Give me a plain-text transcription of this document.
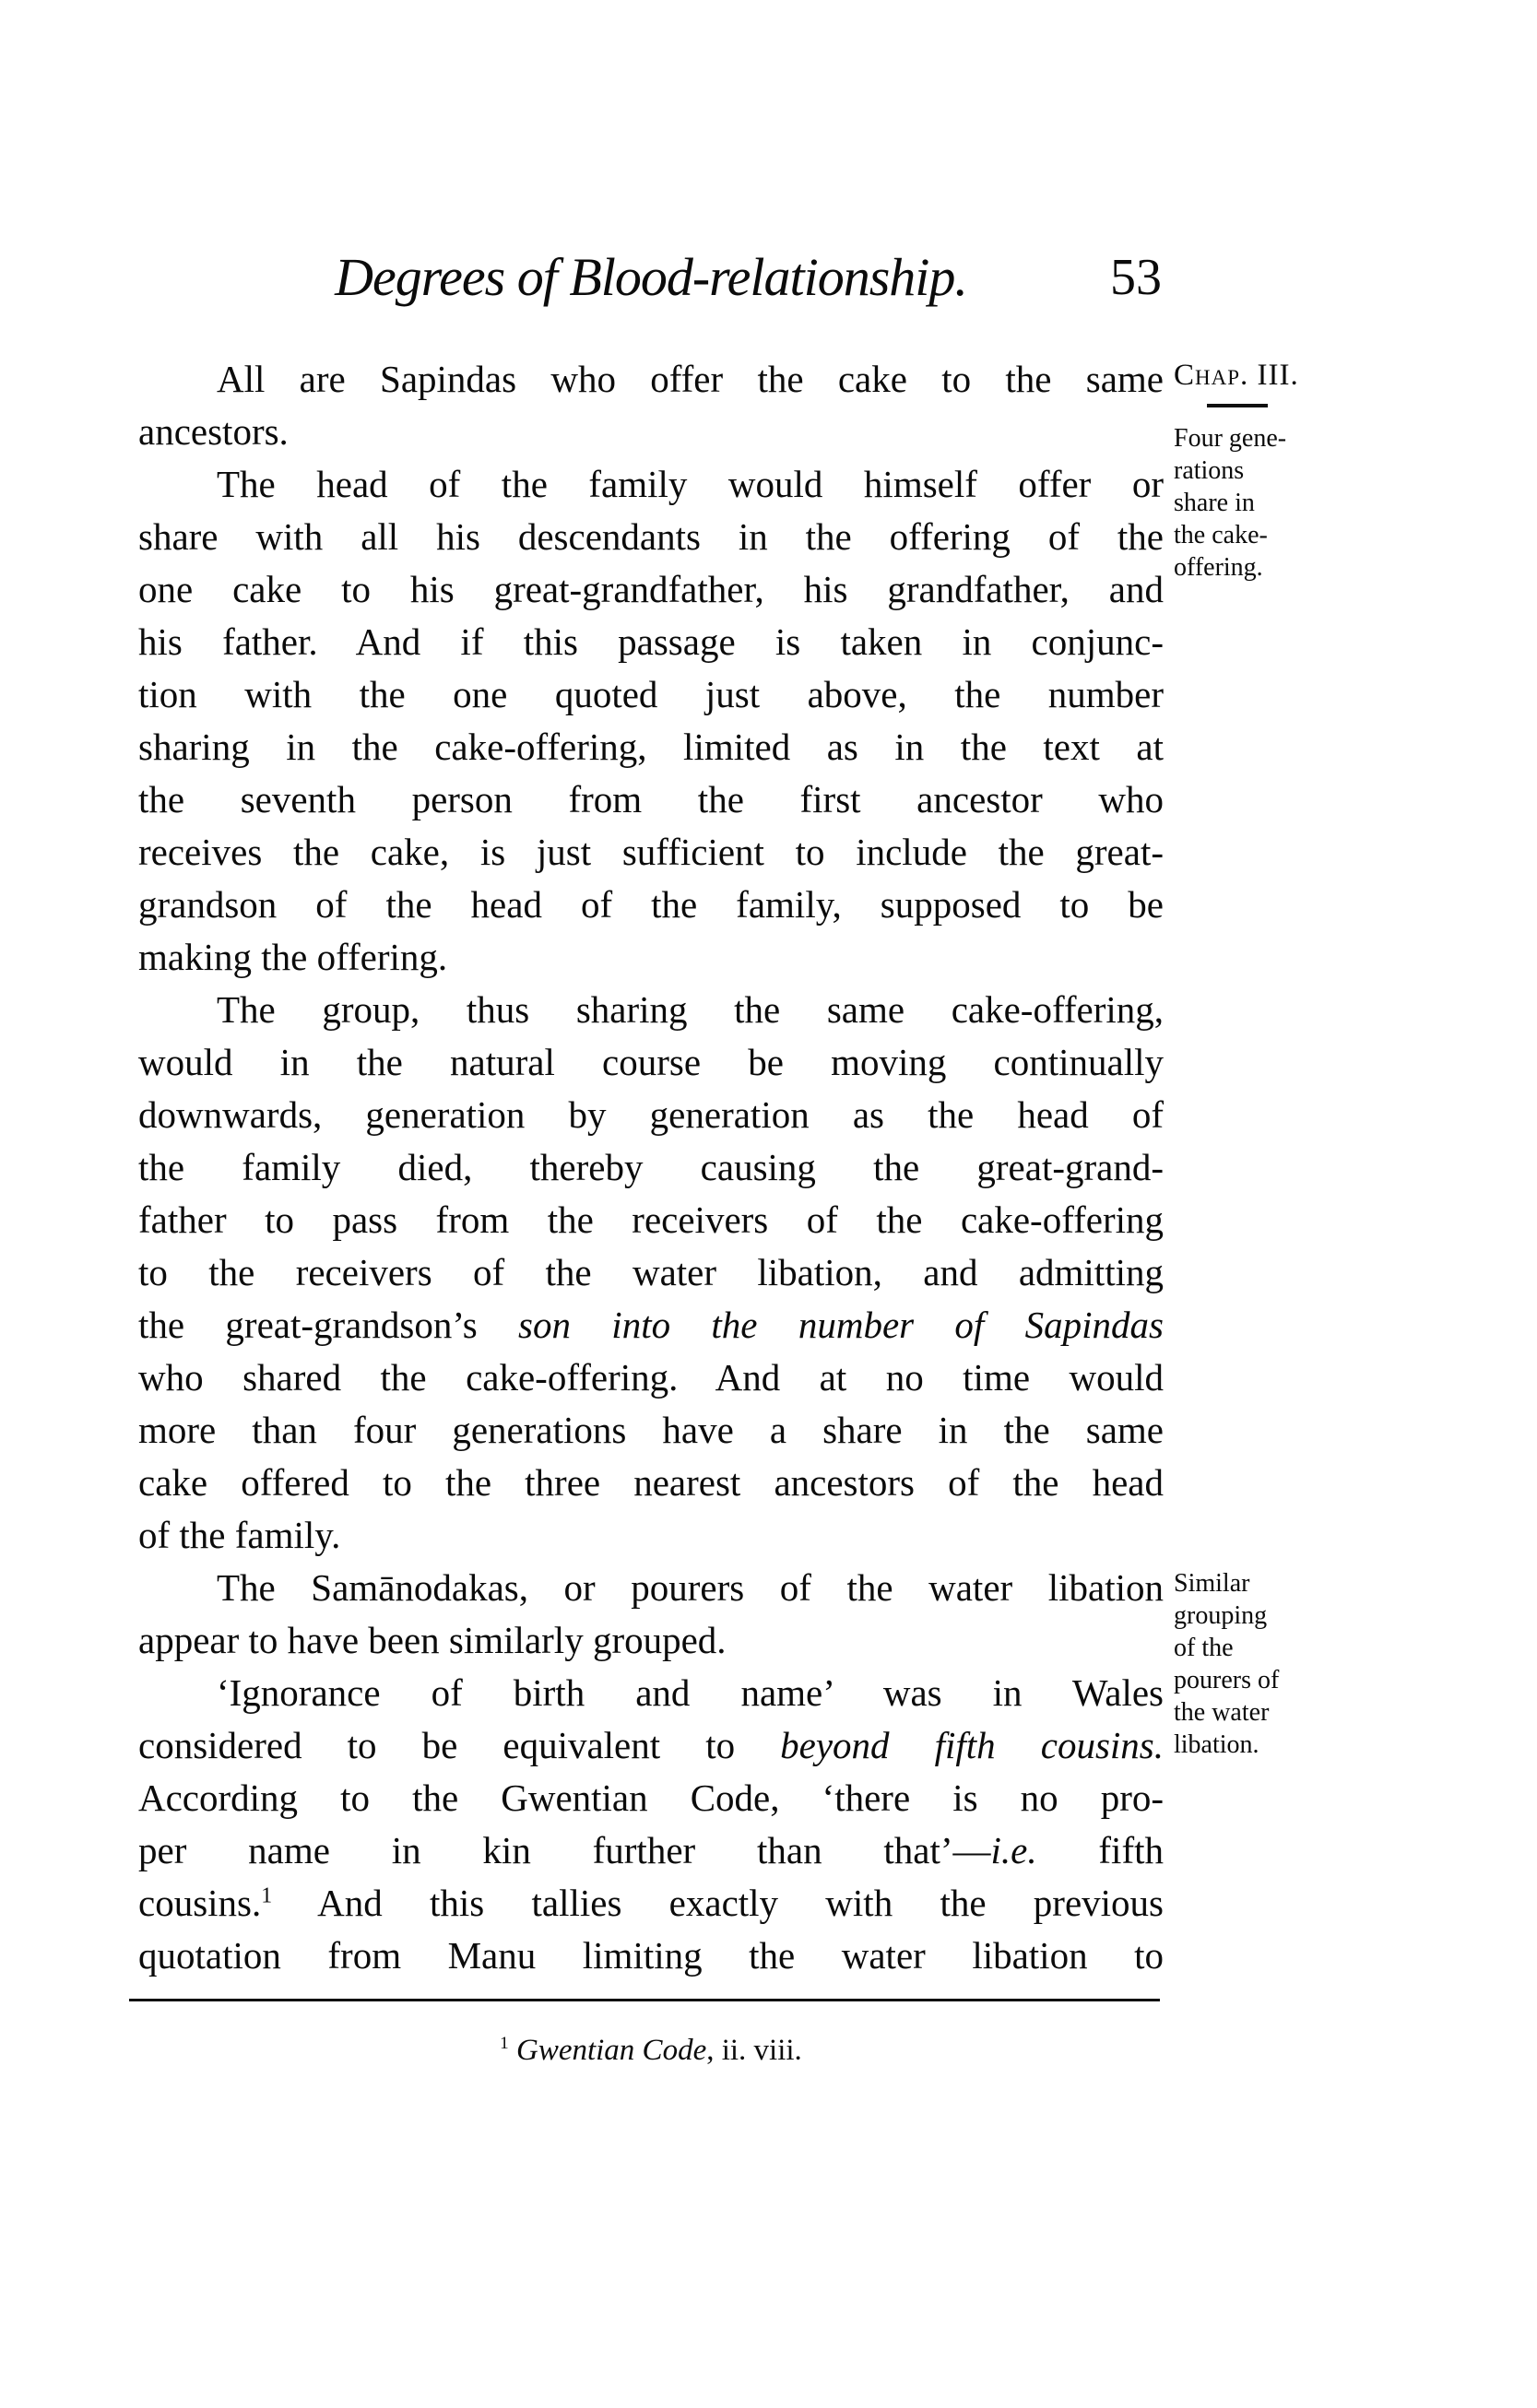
Degrees of Blood-relationship.	53
All are Sapindas who offer the cake to the same
ancestors.
The head of the family would himself offer or
share with all his descendants in the offering of the
one cake to his great-grandfather, his grandfather, and
his father. And if this passage is taken in conjunc-
tion with the one quoted just above, the number
sharing in the cake-offering, limited as in the text at
the seventh person from the first ancestor who
receives the cake, is just sufficient to include the great-
grandson of the head of the family, supposed to be
making the offering.
The group, thus sharing the same cake-offering,
would in the natural course be moving continually
downwards, generation by generation as the head of
the family died, thereby causing the great-grand-
father to pass from the receivers of the cake-offering
to the receivers of the water libation, and admitting
the great-grandson’s son into the number of Sapindas
who shared the cake-offering. And at no time would
more than four generations have a share in the same
cake offered to the three nearest ancestors of the head
of the family.
The Samānodakas, or pourers of the water libation
appear to have been similarly grouped.
‘Ignorance of birth and name’ was in Wales
considered to be equivalent to beyond fifth cousins.
According to the Gwentian Code, ‘there is no pro-
per name in kin further than that’—i.e. fifth
cousins.$^1$ And this tallies exactly with the previous
quotation from Manu limiting the water libation to
Chap. III.
Four gene-
rations
share in
the cake-
offering.
Similar
grouping
of the
pourers of
the water
libation.
$^1$ Gwentian Code, ii. viii.
